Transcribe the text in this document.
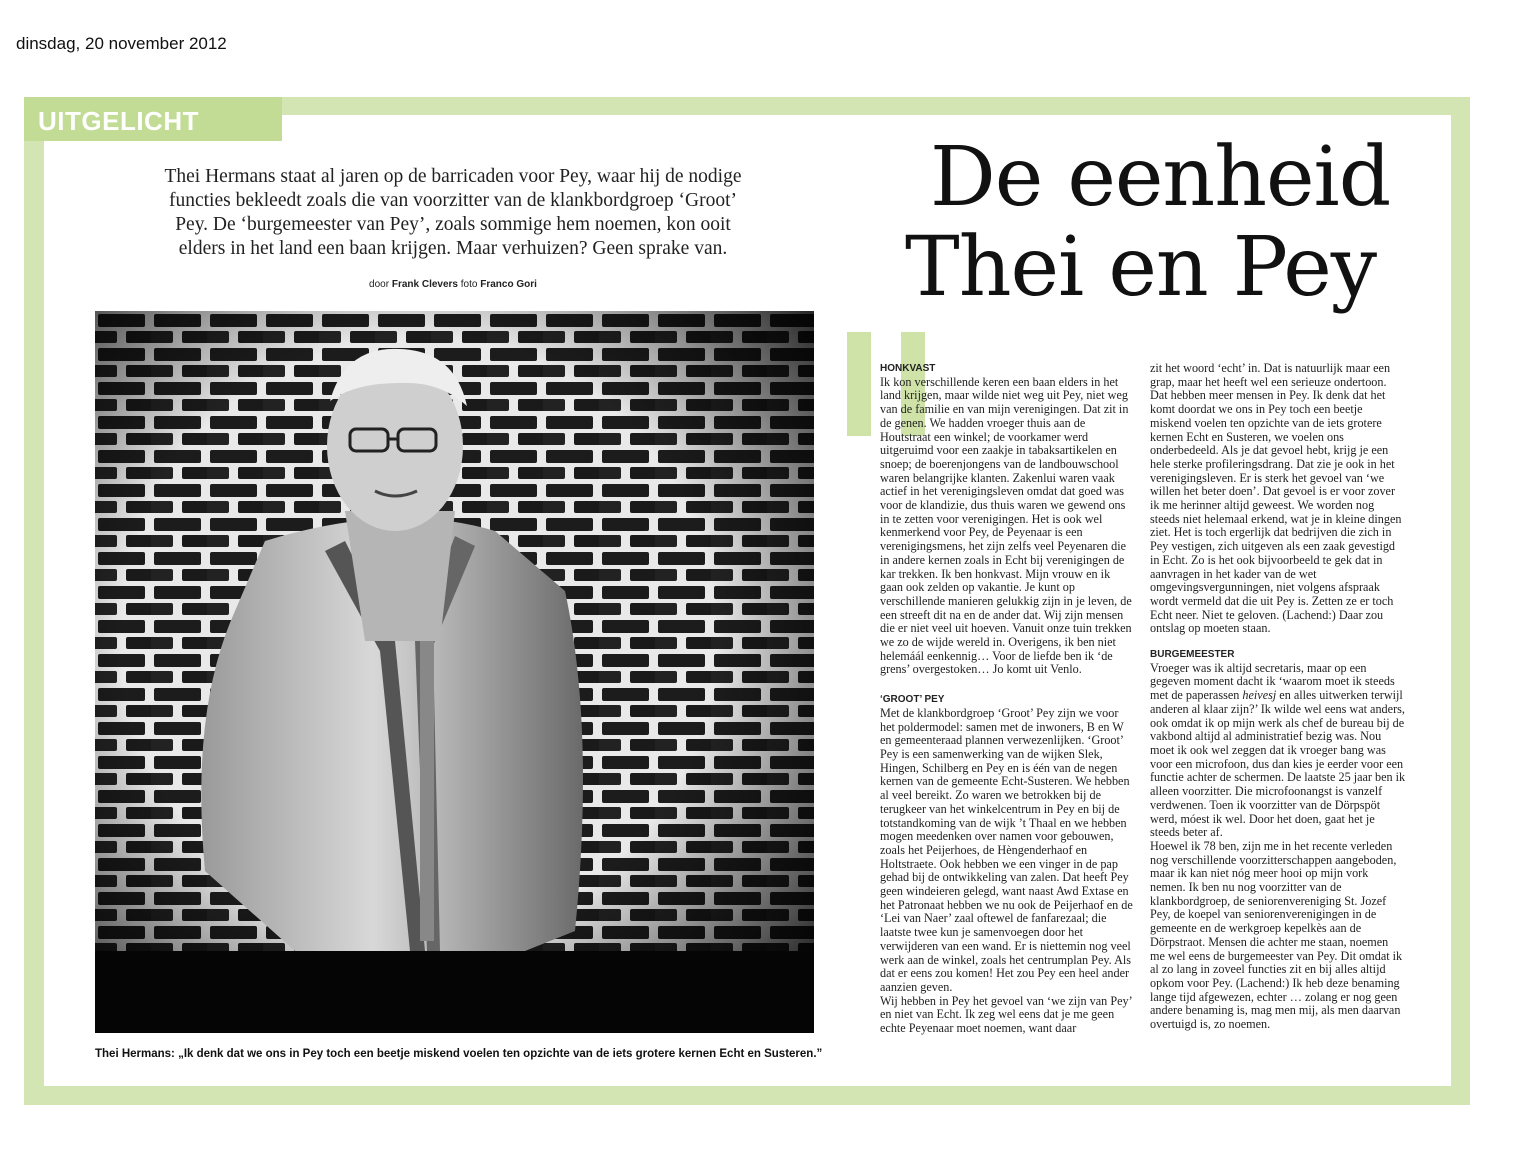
dinsdag, 20 november 2012
UITGELICHT
Thei Hermans staat al jaren op de barricaden voor Pey, waar hij de nodige functies bekleedt zoals die van voorzitter van de klankbordgroep ‘Groot’ Pey. De ‘burgemeester van Pey’, zoals sommige hem noemen, kon ooit elders in het land een baan krijgen. Maar verhuizen? Geen sprake van.
door Frank Clevers foto Franco Gori
Thei Hermans: „Ik denk dat we ons in Pey toch een beetje miskend voelen ten opzichte van de iets grotere kernen Echt en Susteren.”
De eenheid
Thei en Pey

HONKVAST

Ik kon verschillende keren een baan elders in het land krijgen, maar wilde niet weg uit Pey, niet weg van de familie en van mijn verenigingen. Dat zit in de genen. We hadden vroeger thuis aan de Houtstraat een winkel; de voorkamer werd uitgeruimd voor een zaakje in tabaksartikelen en snoep; de boerenjongens van de landbouwschool waren belangrijke klanten. Zakenlui waren vaak actief in het verenigingsleven omdat dat goed was voor de klandizie, dus thuis waren we gewend ons in te zetten voor verenigingen. Het is ook wel kenmerkend voor Pey, de Peyenaar is een verenigingsmens, het zijn zelfs veel Peyenaren die in andere kernen zoals in Echt bij verenigingen de kar trekken. Ik ben honkvast. Mijn vrouw en ik gaan ook zelden op vakantie. Je kunt op verschillende manieren gelukkig zijn in je leven, de een streeft dit na en de ander dat. Wij zijn mensen die er niet veel uit hoeven. Vanuit onze tuin trekken we zo de wijde wereld in. Overigens, ik ben niet helemáál eenkennig… Voor de liefde ben ik ‘de grens’ overgestoken… Jo komt uit Venlo.

‘GROOT’ PEY

Met de klankbordgroep ‘Groot’ Pey zijn we voor het poldermodel: samen met de inwoners, B en W en gemeenteraad plannen verwezenlijken. ‘Groot’ Pey is een samenwerking van de wijken Slek, Hingen, Schilberg en Pey en is één van de negen kernen van de gemeente Echt-Susteren. We hebben al veel bereikt. Zo waren we betrokken bij de terugkeer van het winkelcentrum in Pey en bij de totstandkoming van de wijk ’t Thaal en we hebben mogen meedenken over namen voor gebouwen, zoals het Peijerhoes, de Hèngenderhaof en Holtstraete. Ook hebben we een vinger in de pap gehad bij de ontwikkeling van zalen. Dat heeft Pey geen windeieren gelegd, want naast Awd Extase en het Patronaat hebben we nu ook de Peijerhaof en de ‘Lei van Naer’ zaal oftewel de fanfarezaal; die laatste twee kun je samenvoegen door het verwijderen van een wand. Er is niettemin nog veel werk aan de winkel, zoals het centrumplan Pey. Als dat er eens zou komen! Het zou Pey een heel ander aanzien geven.

Wij hebben in Pey het gevoel van ‘we zijn van Pey’ en niet van Echt. Ik zeg wel eens dat je me geen echte Peyenaar moet noemen, want daar

zit het woord ‘echt’ in. Dat is natuurlijk maar een grap, maar het heeft wel een serieuze ondertoon. Dat hebben meer mensen in Pey. Ik denk dat het komt doordat we ons in Pey toch een beetje miskend voelen ten opzichte van de iets grotere kernen Echt en Susteren, we voelen ons onderbedeeld. Als je dat gevoel hebt, krijg je een hele sterke profileringsdrang. Dat zie je ook in het verenigingsleven. Er is sterk het gevoel van ‘we willen het beter doen’. Dat gevoel is er voor zover ik me herinner altijd geweest. We worden nog steeds niet helemaal erkend, wat je in kleine dingen ziet. Het is toch ergerlijk dat bedrijven die zich in Pey vestigen, zich uitgeven als een zaak gevestigd in Echt. Zo is het ook bijvoorbeeld te gek dat in aanvragen in het kader van de wet omgevingsvergunningen, niet volgens afspraak wordt vermeld dat die uit Pey is. Zetten ze er toch Echt neer. Niet te geloven. (Lachend:) Daar zou ontslag op moeten staan.

BURGEMEESTER

Vroeger was ik altijd secretaris, maar op een gegeven moment dacht ik ‘waarom moet ik steeds met de paperassen heivesj en alles uitwerken terwijl anderen al klaar zijn?’ Ik wilde wel eens wat anders, ook omdat ik op mijn werk als chef de bureau bij de vakbond altijd al administratief bezig was. Nou moet ik ook wel zeggen dat ik vroeger bang was voor een microfoon, dus dan kies je eerder voor een functie achter de schermen. De laatste 25 jaar ben ik alleen voorzitter. Die microfoonangst is vanzelf verdwenen. Toen ik voorzitter van de Dörpspöt werd, móest ik wel. Door het doen, gaat het je steeds beter af.

Hoewel ik 78 ben, zijn me in het recente verleden nog verschillende voorzitterschappen aangeboden, maar ik kan niet nóg meer hooi op mijn vork nemen. Ik ben nu nog voorzitter van de klankbordgroep, de seniorenvereniging St. Jozef Pey, de koepel van seniorenverenigingen in de gemeente en de werkgroep kepelkès aan de Dörpstraot. Mensen die achter me staan, noemen me wel eens de burgemeester van Pey. Dit omdat ik al zo lang in zoveel functies zit en bij alles altijd opkom voor Pey. (Lachend:) Ik heb deze benaming lange tijd afgewezen, echter … zolang er nog geen andere benaming is, mag men mij, als men daarvan overtuigd is, zo noemen.
